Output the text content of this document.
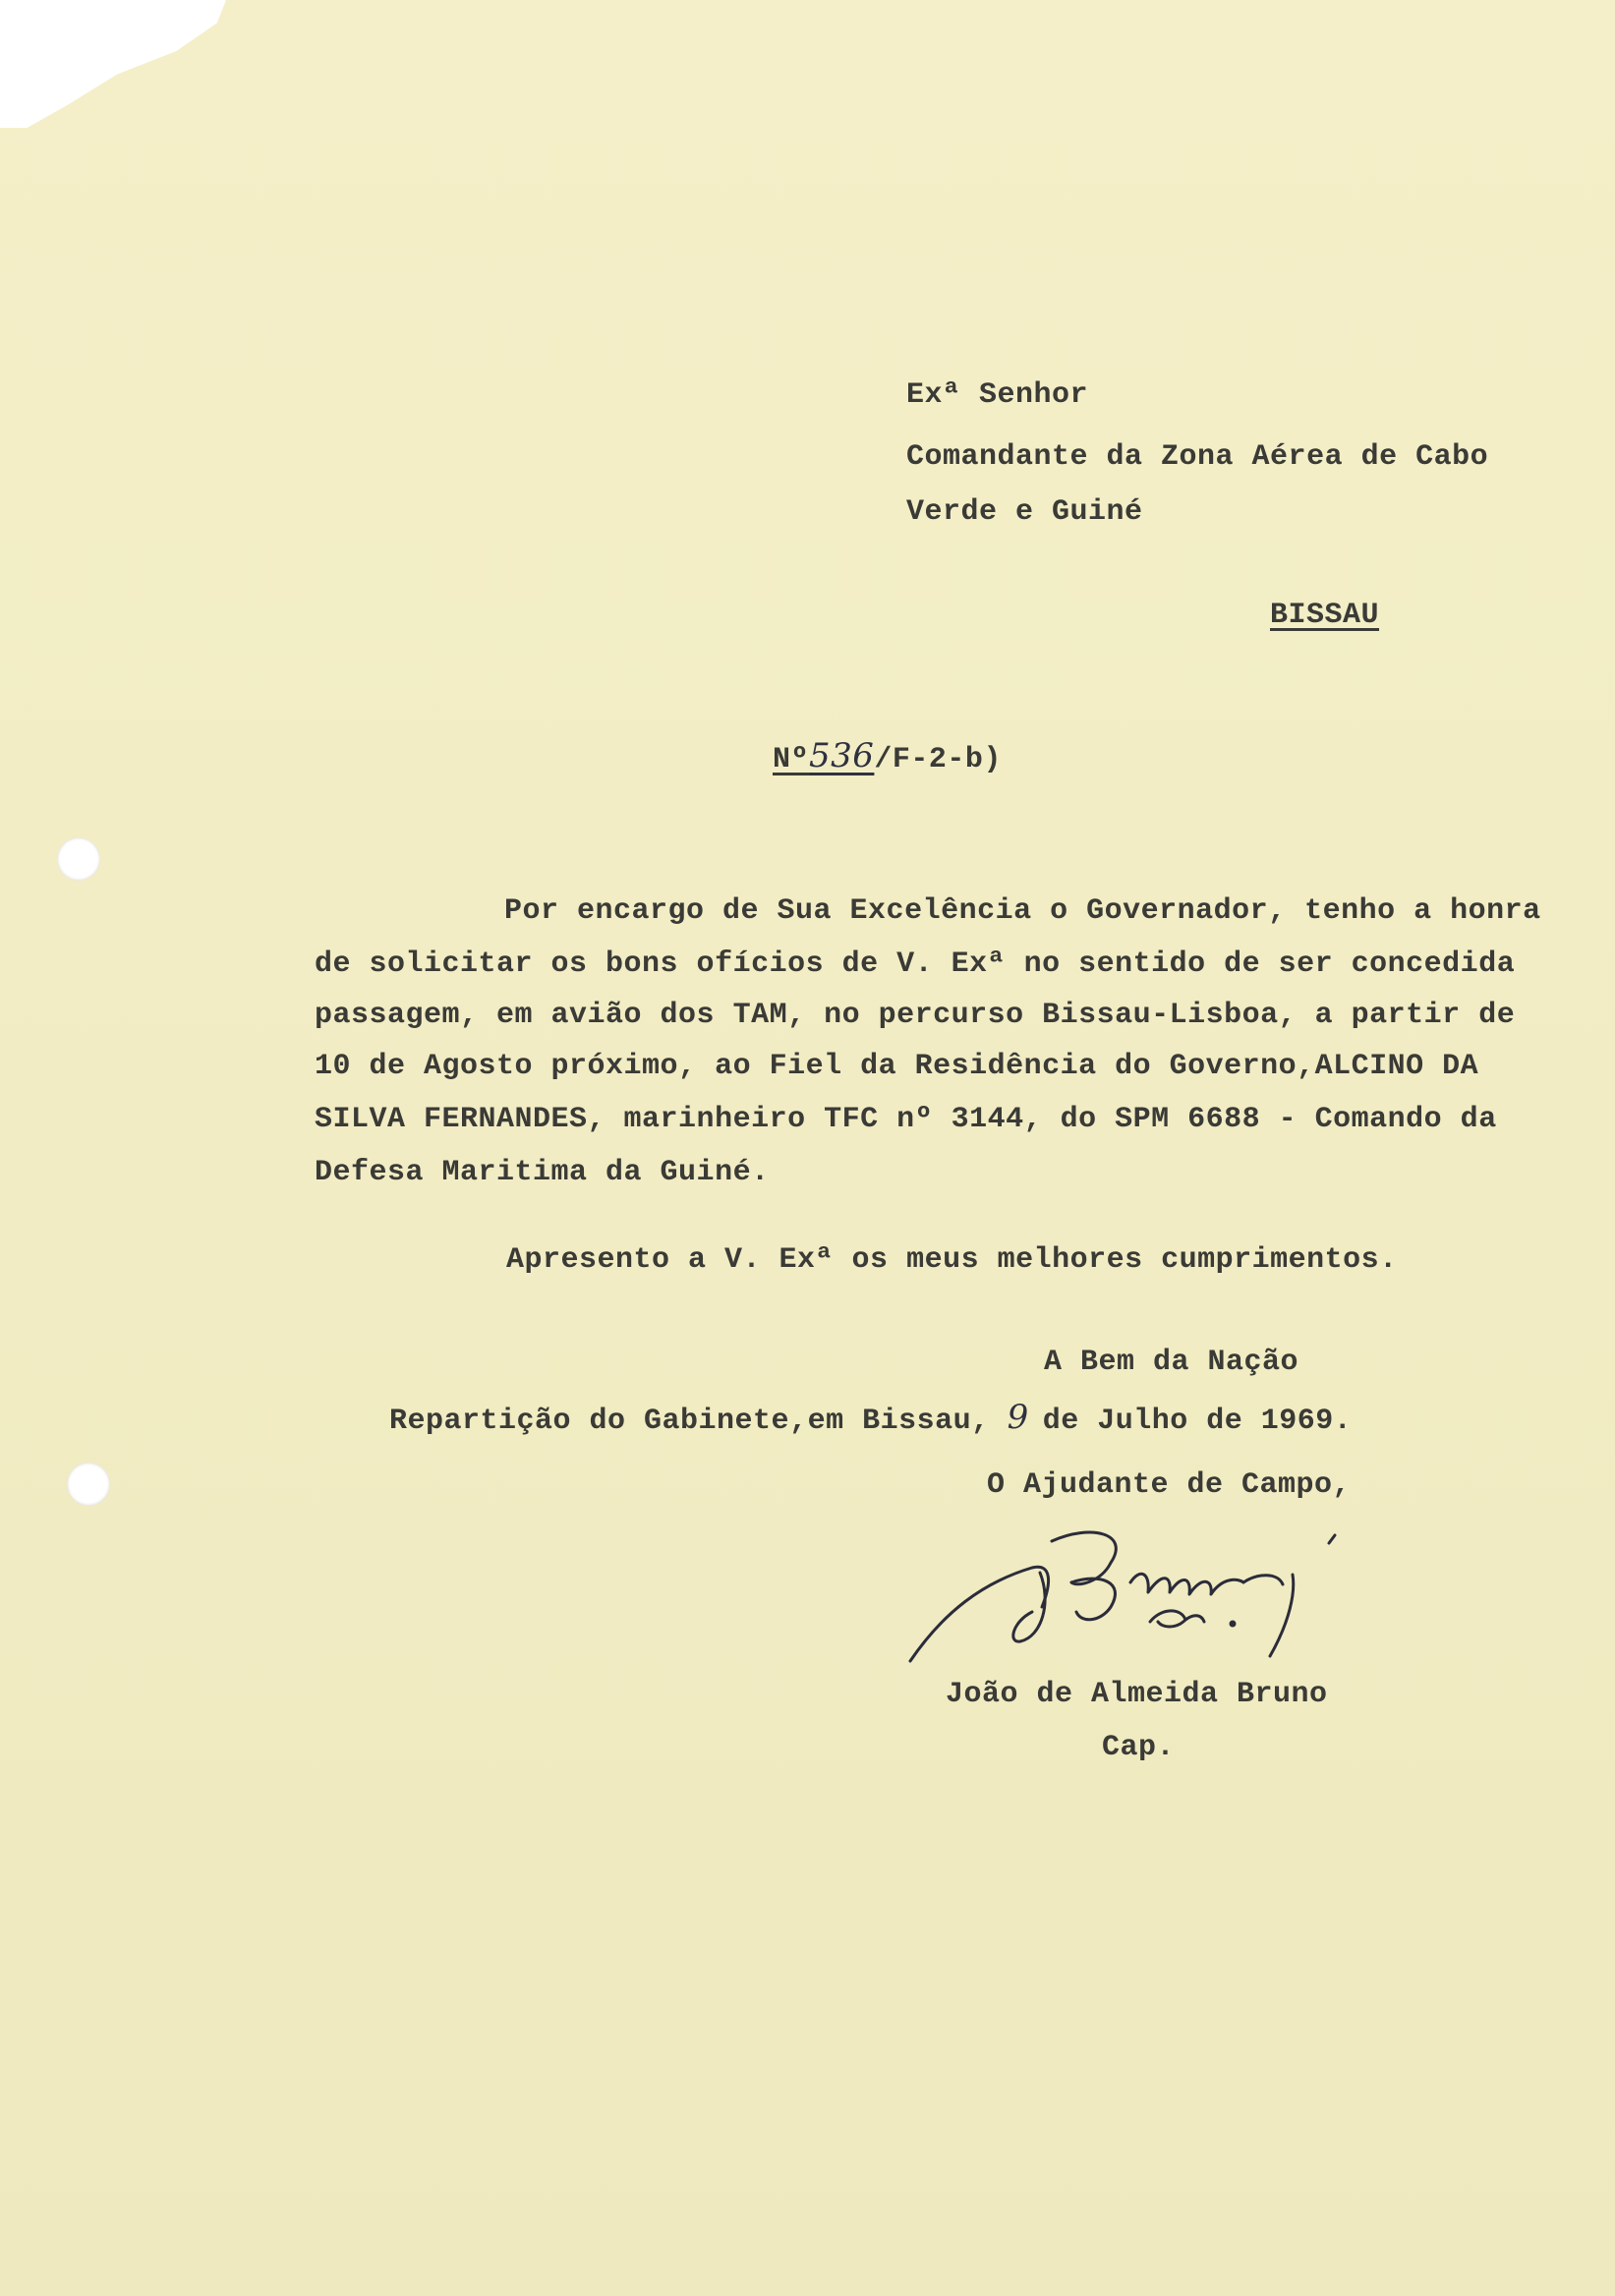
Exª Senhor

Comandante da Zona Aérea de Cabo

Verde e Guiné

BISSAU

Nº536/F-2-b)

Por encargo de Sua Excelência o Governador, tenho a honra

de solicitar os bons ofícios de V. Exª no sentido de ser concedida

passagem, em avião dos TAM, no percurso Bissau-Lisboa, a partir de

10 de Agosto próximo, ao Fiel da Residência do Governo,ALCINO DA

SILVA FERNANDES, marinheiro TFC nº 3144, do SPM 6688 - Comando da

Defesa Maritima da Guiné.

Apresento a V. Exª os meus melhores cumprimentos.

A Bem da Nação

Repartição do Gabinete,em Bissau, 9 de Julho de 1969.

O Ajudante de Campo,

João de Almeida Bruno

Cap.
